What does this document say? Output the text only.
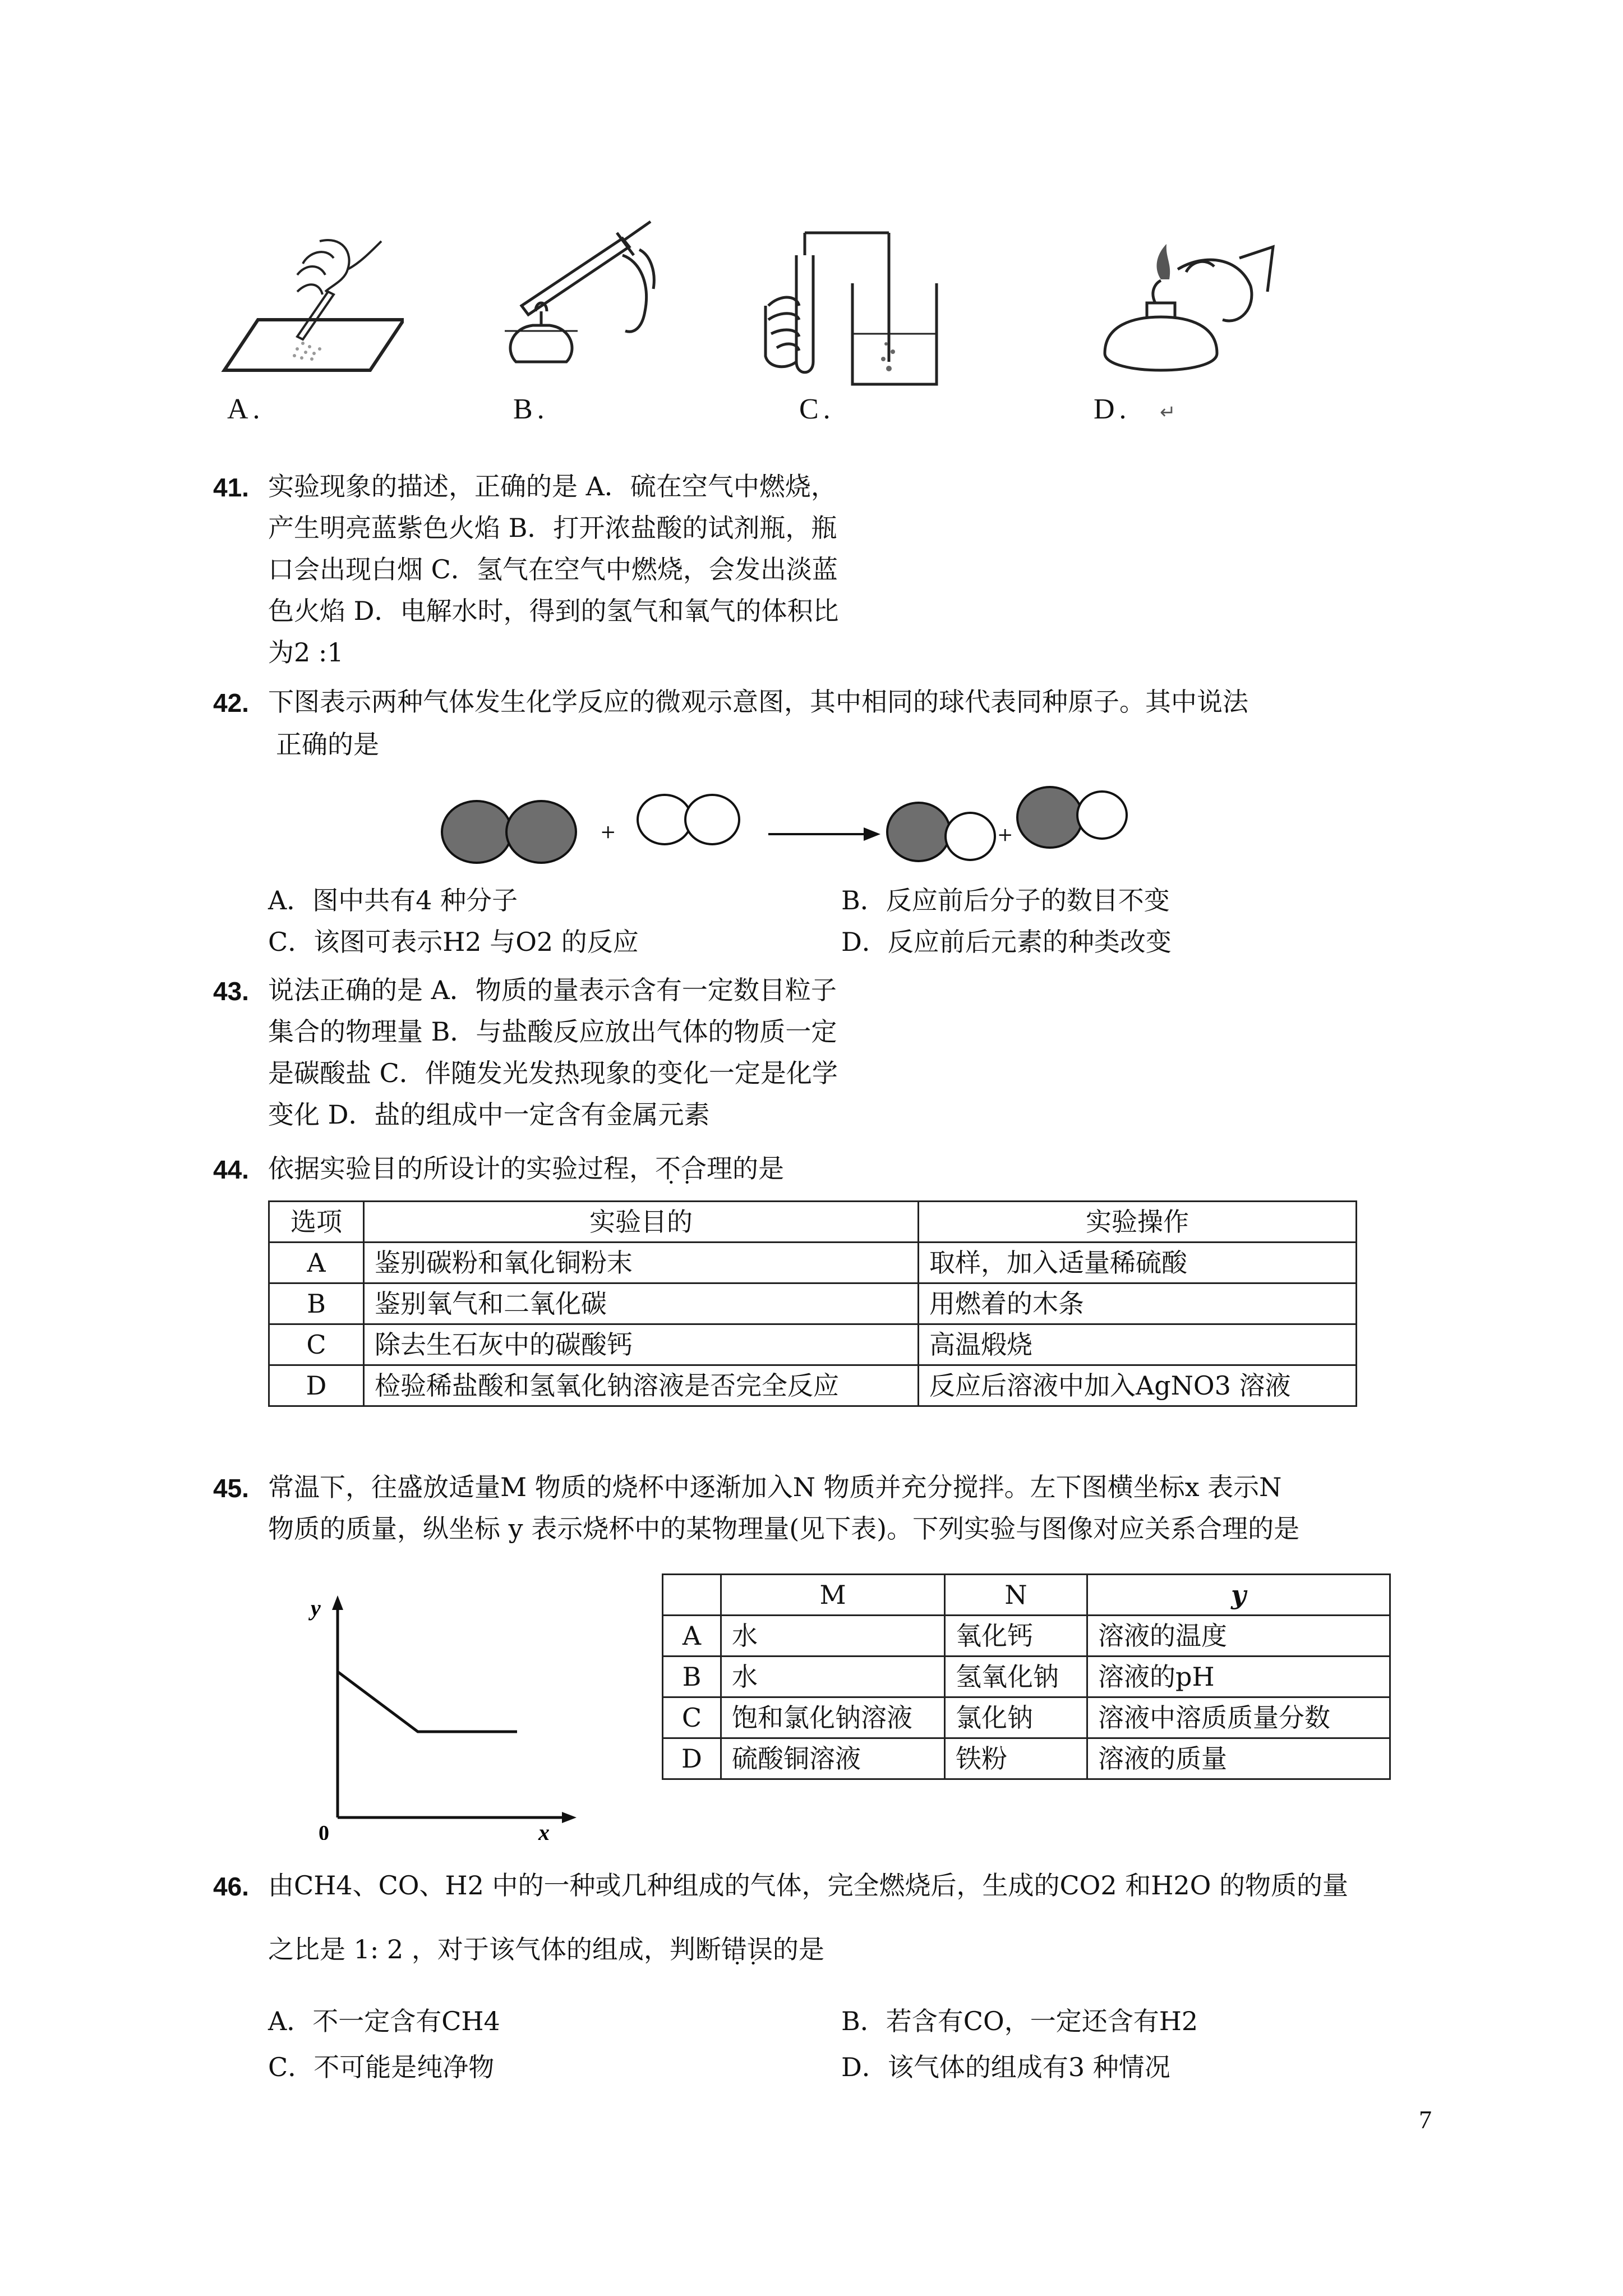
A.	B.	C.	D. ↵
41. 实验现象的描述，正确的是 A．硫在空气中燃烧，
产生明亮蓝紫色火焰 B．打开浓盐酸的试剂瓶，瓶
口会出现白烟 C．氢气在空气中燃烧，会发出淡蓝
色火焰 D．电解水时，得到的氢气和氧气的体积比
为2 :1
42. 下图表示两种气体发生化学反应的微观示意图，其中相同的球代表同种原子。其中说法
正确的是
+	+
A．图中共有4 种分子	B．反应前后分子的数目不变
C．该图可表示H2 与O2 的反应	D．反应前后元素的种类改变
43. 说法正确的是 A．物质的量表示含有一定数目粒子
集合的物理量 B．与盐酸反应放出气体的物质一定
是碳酸盐 C．伴随发光发热现象的变化一定是化学
变化 D．盐的组成中一定含有金属元素
44. 依据实验目的所设计的实验过程，不合 • •理的是
选项	实验目的	实验操作
A	鉴别碳粉和氧化铜粉末	取样，加入适量稀硫酸
B	鉴别氧气和二氧化碳	用燃着的木条
C	除去生石灰中的碳酸钙	高温煅烧
D	检验稀盐酸和氢氧化钠溶液是否完全反应	反应后溶液中加入AgNO3 溶液
45. 常温下，往盛放适量M 物质的烧杯中逐渐加入N 物质并充分搅拌。左下图横坐标x 表示N
物质的质量，纵坐标 y 表示烧杯中的某物理量(见下表)。下列实验与图像对应关系合理的是
y
x
0
	M	N	y
A	水	氧化钙	溶液的温度
B	水	氢氧化钠	溶液的pH
C	饱和氯化钠溶液	氯化钠	溶液中溶质质量分数
D	硫酸铜溶液	铁粉	溶液的质量
46. 由CH4、CO、H2 中的一种或几种组成的气体，完全燃烧后，生成的CO2 和H2O 的物质的量
之比是 1: 2 ，对于该气体的组成，判断错误 • •的是
A．不一定含有CH4	B．若含有CO，一定还含有H2
C．不可能是纯净物	D．该气体的组成有3 种情况
7
